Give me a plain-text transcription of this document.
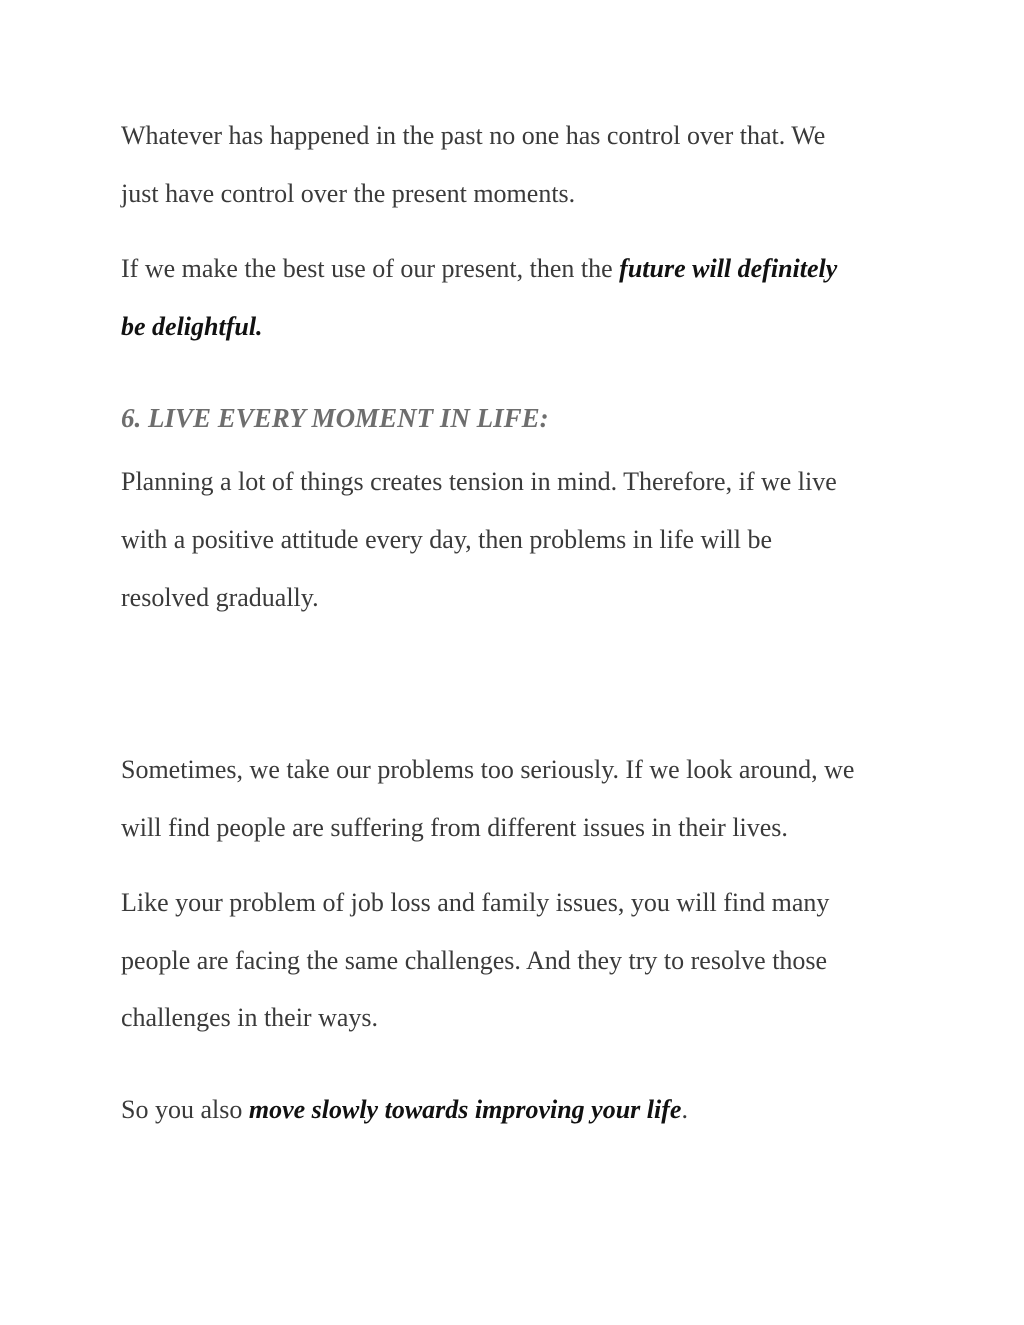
Whatever has happened in the past no one has control over that. We

just have control over the present moments.

If we make the best use of our present, then the future will definitely

be delightful.

6. LIVE EVERY MOMENT IN LIFE:

Planning a lot of things creates tension in mind. Therefore, if we live

with a positive attitude every day, then problems in life will be

resolved gradually.

Sometimes, we take our problems too seriously. If we look around, we

will find people are suffering from different issues in their lives.

Like your problem of job loss and family issues, you will find many

people are facing the same challenges. And they try to resolve those

challenges in their ways.

So you also move slowly towards improving your life.
